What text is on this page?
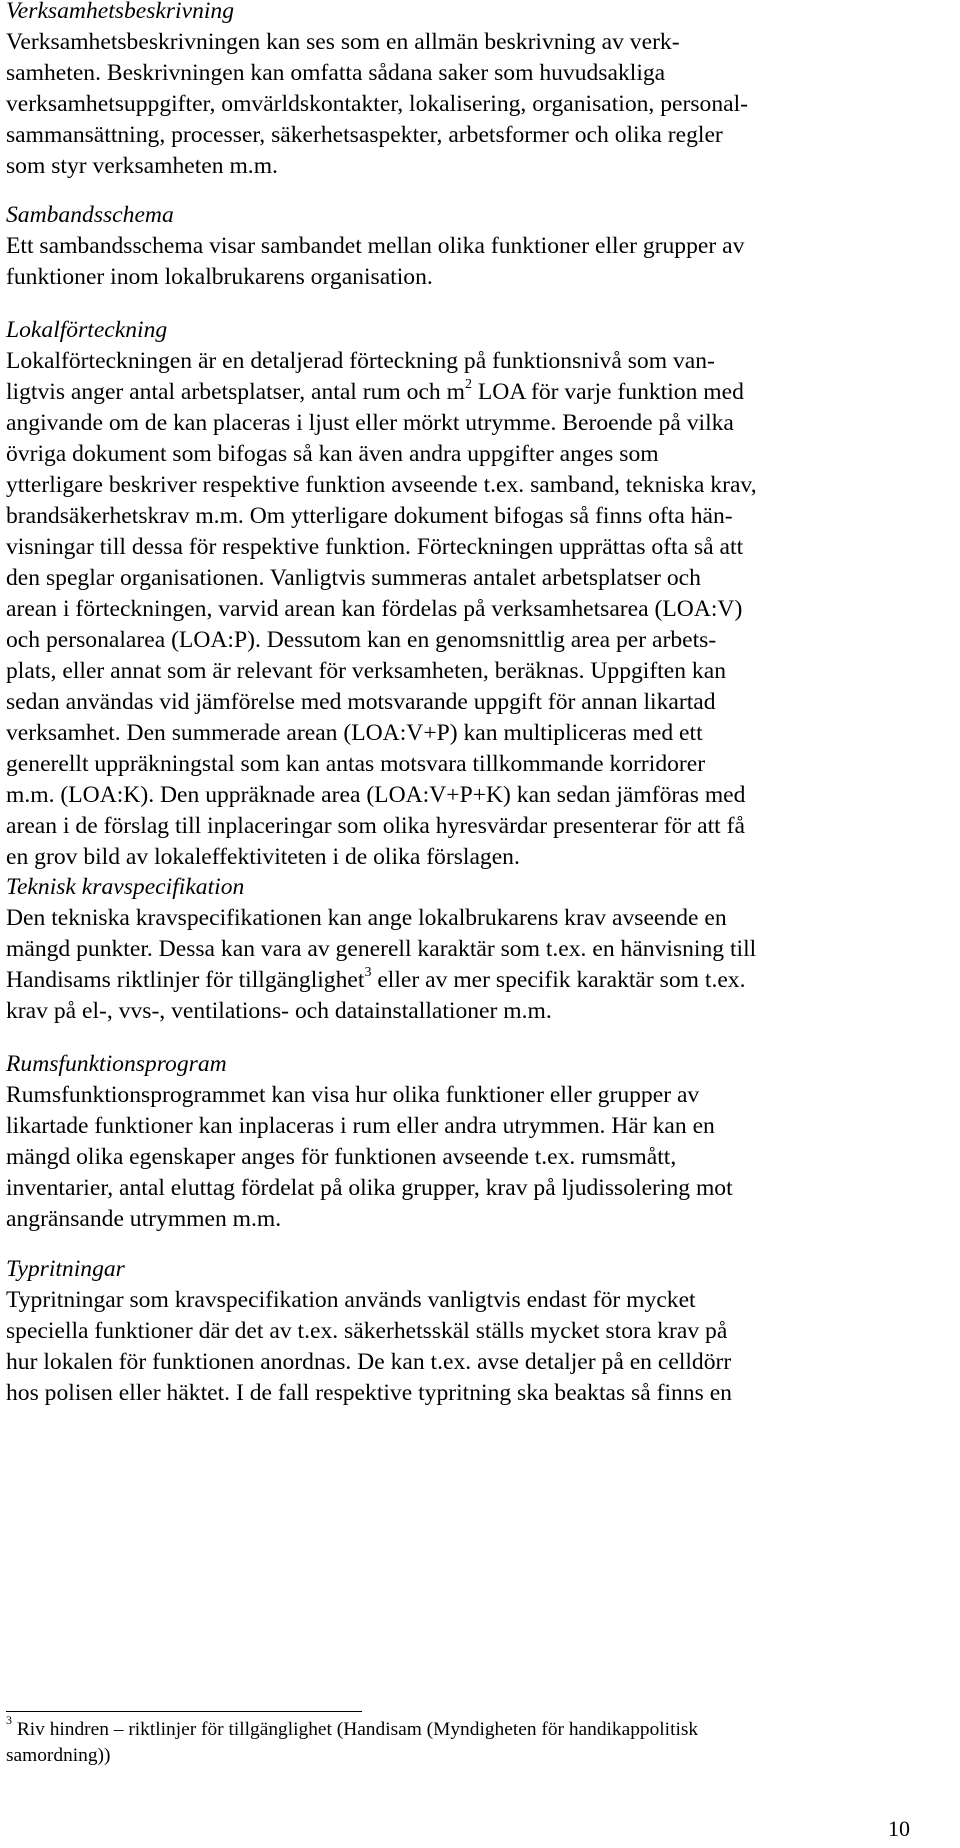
Verksamhetsbeskrivning
Verksamhetsbeskrivningen kan ses som en allmän beskrivning av verk-
samheten. Beskrivningen kan omfatta sådana saker som huvudsakliga
verksamhetsuppgifter, omvärldskontakter, lokalisering, organisation, personal-
sammansättning, processer, säkerhetsaspekter, arbetsformer och olika regler
som styr verksamheten m.m.
Sambandsschema
Ett sambandsschema visar sambandet mellan olika funktioner eller grupper av
funktioner inom lokalbrukarens organisation.
Lokalförteckning
Lokalförteckningen är en detaljerad förteckning på funktionsnivå som van-
ligtvis anger antal arbetsplatser, antal rum och $m^2$ LOA för varje funktion med
angivande om de kan placeras i ljust eller mörkt utrymme. Beroende på vilka
övriga dokument som bifogas så kan även andra uppgifter anges som
ytterligare beskriver respektive funktion avseende t.ex. samband, tekniska krav,
brandsäkerhetskrav m.m. Om ytterligare dokument bifogas så finns ofta hän-
visningar till dessa för respektive funktion. Förteckningen upprättas ofta så att
den speglar organisationen. Vanligtvis summeras antalet arbetsplatser och
arean i förteckningen, varvid arean kan fördelas på verksamhetsarea (LOA:V)
och personalarea (LOA:P). Dessutom kan en genomsnittlig area per arbets-
plats, eller annat som är relevant för verksamheten, beräknas. Uppgiften kan
sedan användas vid jämförelse med motsvarande uppgift för annan likartad
verksamhet. Den summerade arean (LOA:V+P) kan multipliceras med ett
generellt uppräkningstal som kan antas motsvara tillkommande korridorer
m.m. (LOA:K). Den uppräknade area (LOA:V+P+K) kan sedan jämföras med
arean i de förslag till inplaceringar som olika hyresvärdar presenterar för att få
en grov bild av lokaleffektiviteten i de olika förslagen.
Teknisk kravspecifikation
Den tekniska kravspecifikationen kan ange lokalbrukarens krav avseende en
mängd punkter. Dessa kan vara av generell karaktär som t.ex. en hänvisning till
Handisams riktlinjer för tillgänglighet$^3$ eller av mer specifik karaktär som t.ex.
krav på el-, vvs-, ventilations- och datainstallationer m.m.
Rumsfunktionsprogram
Rumsfunktionsprogrammet kan visa hur olika funktioner eller grupper av
likartade funktioner kan inplaceras i rum eller andra utrymmen. Här kan en
mängd olika egenskaper anges för funktionen avseende t.ex. rumsmått,
inventarier, antal eluttag fördelat på olika grupper, krav på ljudissolering mot
angränsande utrymmen m.m.
Typritningar
Typritningar som kravspecifikation används vanligtvis endast för mycket
speciella funktioner där det av t.ex. säkerhetsskäl ställs mycket stora krav på
hur lokalen för funktionen anordnas. De kan t.ex. avse detaljer på en celldörr
hos polisen eller häktet. I de fall respektive typritning ska beaktas så finns en
$^3$ Riv hindren – riktlinjer för tillgänglighet (Handisam (Myndigheten för handikappolitisk
samordning))
10
